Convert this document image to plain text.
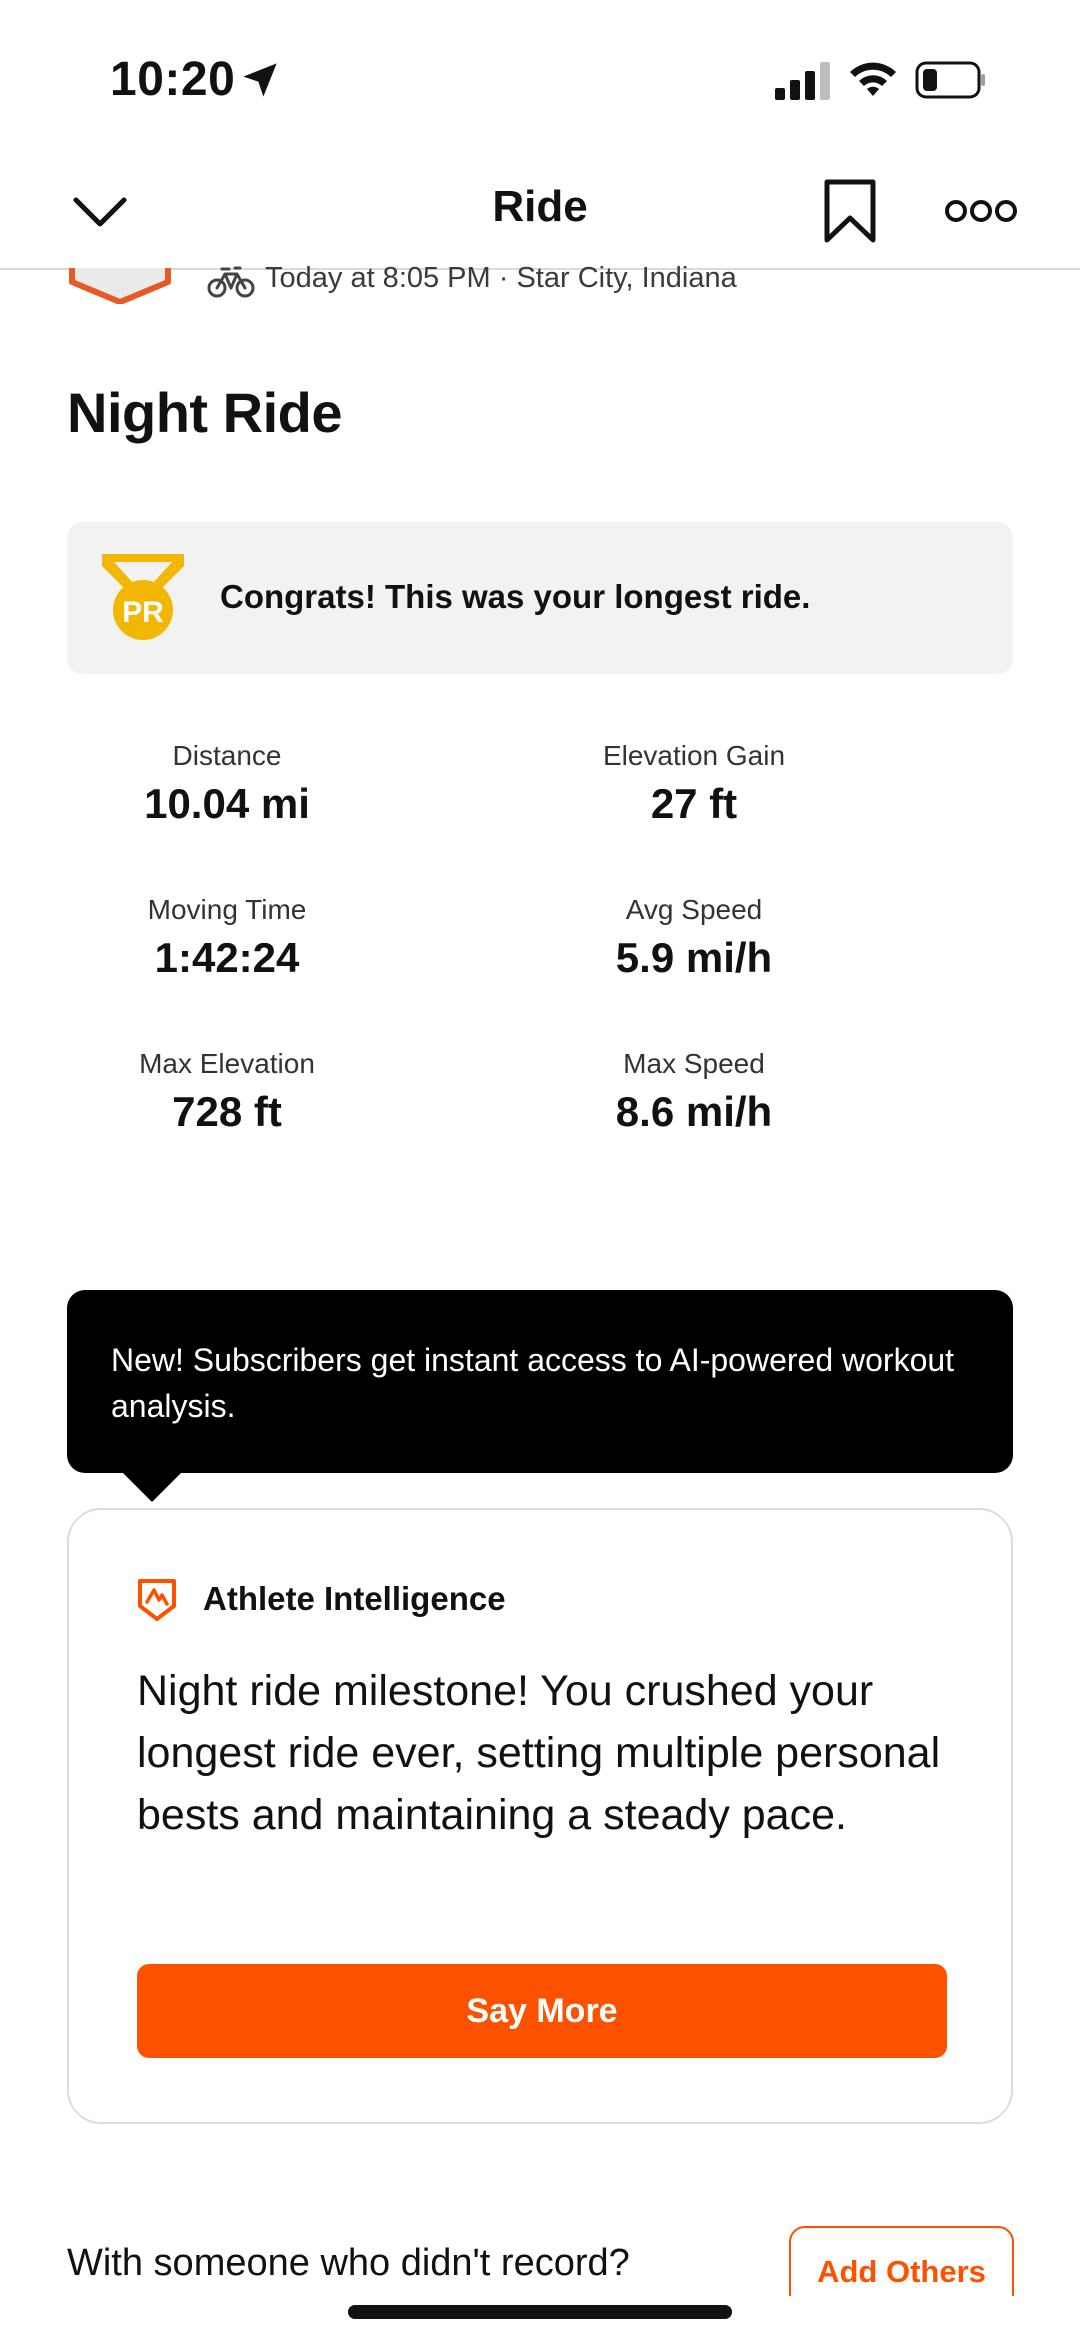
10:20
Ride
Today at 8:05 PM · Star City, Indiana
Night Ride
PR Congrats! This was your longest ride.
Distance
10.04 mi
Elevation Gain
27 ft
Moving Time
1:42:24
Avg Speed
5.9 mi/h
Max Elevation
728 ft
Max Speed
8.6 mi/h
New! Subscribers get instant access to AI-powered workout analysis.
Athlete Intelligence
Night ride milestone! You crushed your longest ride ever, setting multiple personal bests and maintaining a steady pace.
Say More
With someone who didn't record?	Add Others
